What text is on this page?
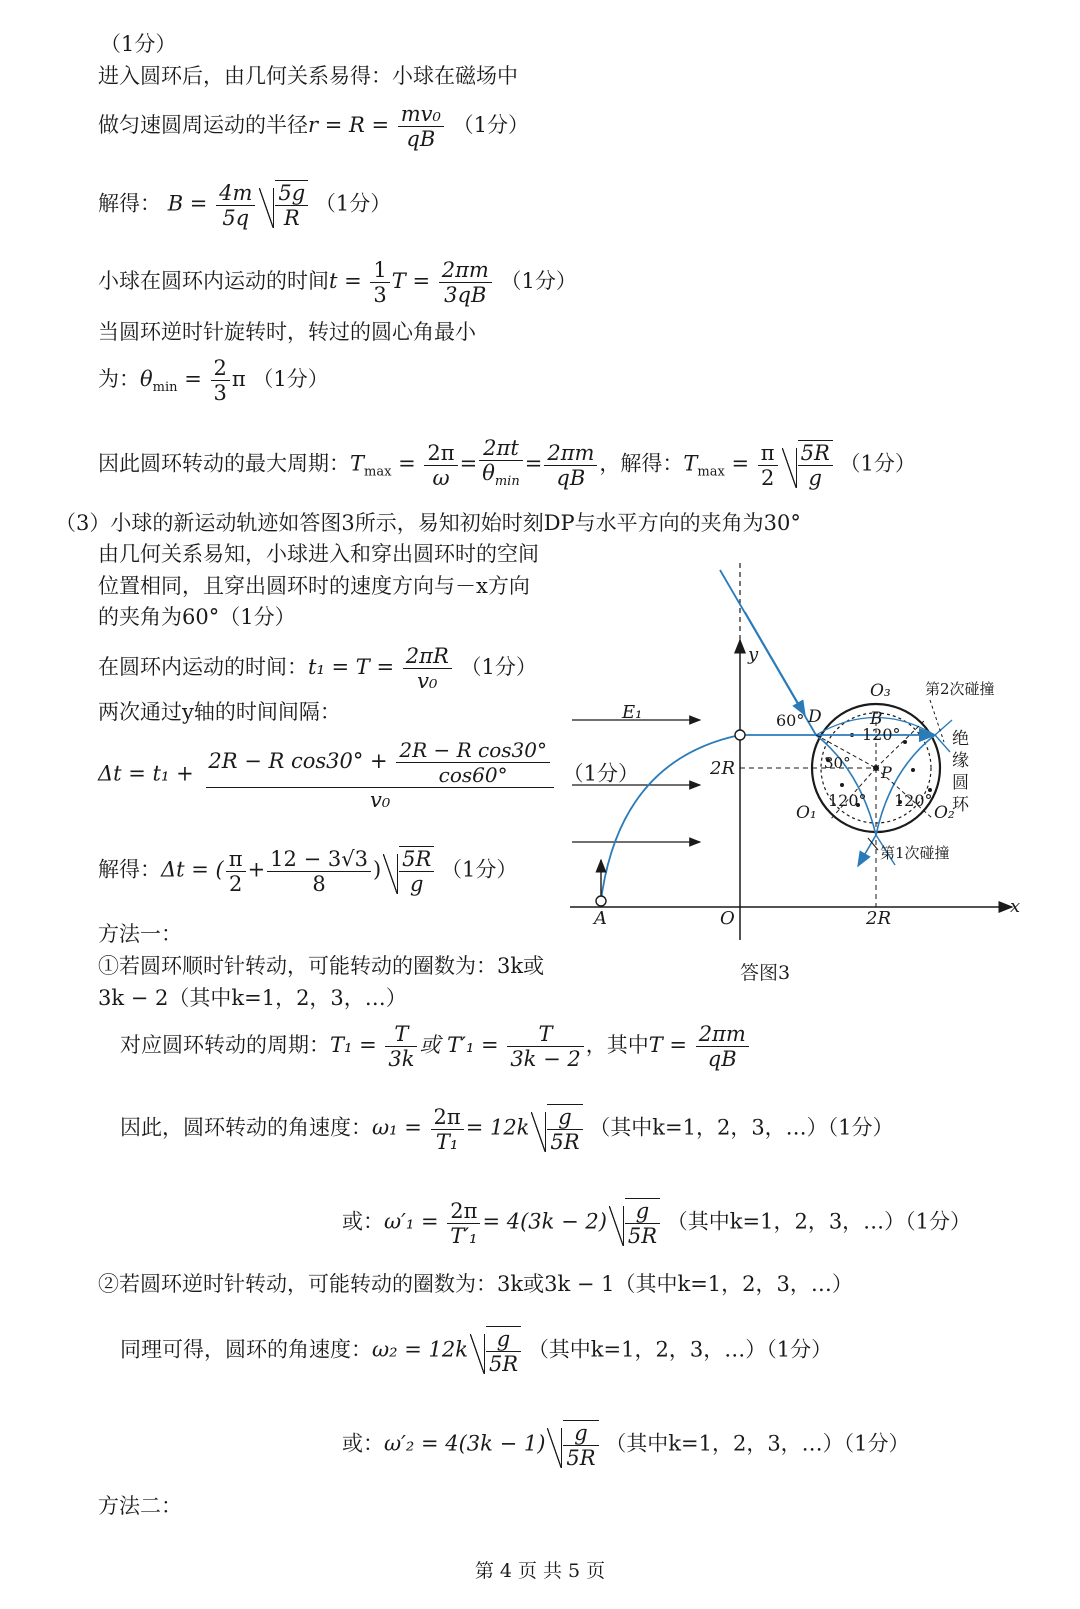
（1分）
进入圆环后，由几何关系易得：小球在磁场中
做匀速圆周运动的半径$r = R = \frac{\text{mv₀}}{qB} (1$分）
解得： $B = \frac{4m}{5q} \frac{5g}{R} (1$分）
小球在圆环内运动的时间$t = \frac{1}{3}$ $T = \frac{2\pi m}{3qB} (1$分）
当圆环逆时针旋转时，转过的圆心角最小
为：$\theta_{min} = \frac{2}{3}$ π （1分）
因此圆环转动的最大周期：$T_{max} = \frac{2\pi}{\omega} = \frac{2\pi t}{\theta_{min}} = \frac{2\pi m}{qB}$ ，解得：$T_{max} = \frac{\pi}{2} \frac{5R}{g} (1$分）
（3）小球的新运动轨迹如答图3所示，易知初始时刻DP与水平方向的夹角为30°
由几何关系易知，小球进入和穿出圆环时的空间
位置相同，且穿出圆环时的速度方向与－x方向
的夹角为60°（1分）
在圆环内运动的时间：$t_1 = T = \frac{2\pi R}{\text{v₀}} (1$分）
两次通过y轴的时间间隔：
$\Delta t = t_1 + \frac{2R - R \cos 30^\circ + \frac{\text{2R − R cos30°}}{\cos 60^\circ}}{\text{v₀}} (1$分）
解得：Δt = ( $\frac{\pi}{2} + \frac{12 - 3√3}{8}$ ) $\frac{5R}{g} (1$分）
方法一：
①若圆环顺时针转动，可能转动的圈数为：3k或
3k − 2（其中k=1，2，3，…）
对应圆环转动的周期：$T_1 = \frac{T}{3k}$ 或 $T'_1 = \frac{T}{3k - 2}$ ，其中$T = \frac{2\pi m}{qB}$
因此，圆环转动的角速度：$\omega_1 = \frac{2\pi}{\text{T₁}} = 12k \frac{g}{5R}$ （其中k=1，2，3，…）（1分）
或：$\omega'_1 = \frac{2\pi}{\text{T′₁}} = 4(3k - 2) \frac{g}{5R}$ （其中k=1，2，3，…）（1分）
②若圆环逆时针转动，可能转动的圈数为：3k或3k − 1（其中k=1，2，3，…）
同理可得，圆环的角速度：$\omega_2 = 12k \frac{g}{5R}$ （其中k=1，2，3，…）（1分）
或：$\omega'_2 = 4(3k - 1) \frac{g}{5R}$ （其中k=1，2，3，…）（1分）
方法二：
y
x
O
A
E₁
2R
2R
O₃
B
D
P
O₁	O₂
60°
120°
120° 120°
30°
第2次碰撞
第1次碰撞
绝
缘
圆
环
答图3
第 4 页 共 5 页
